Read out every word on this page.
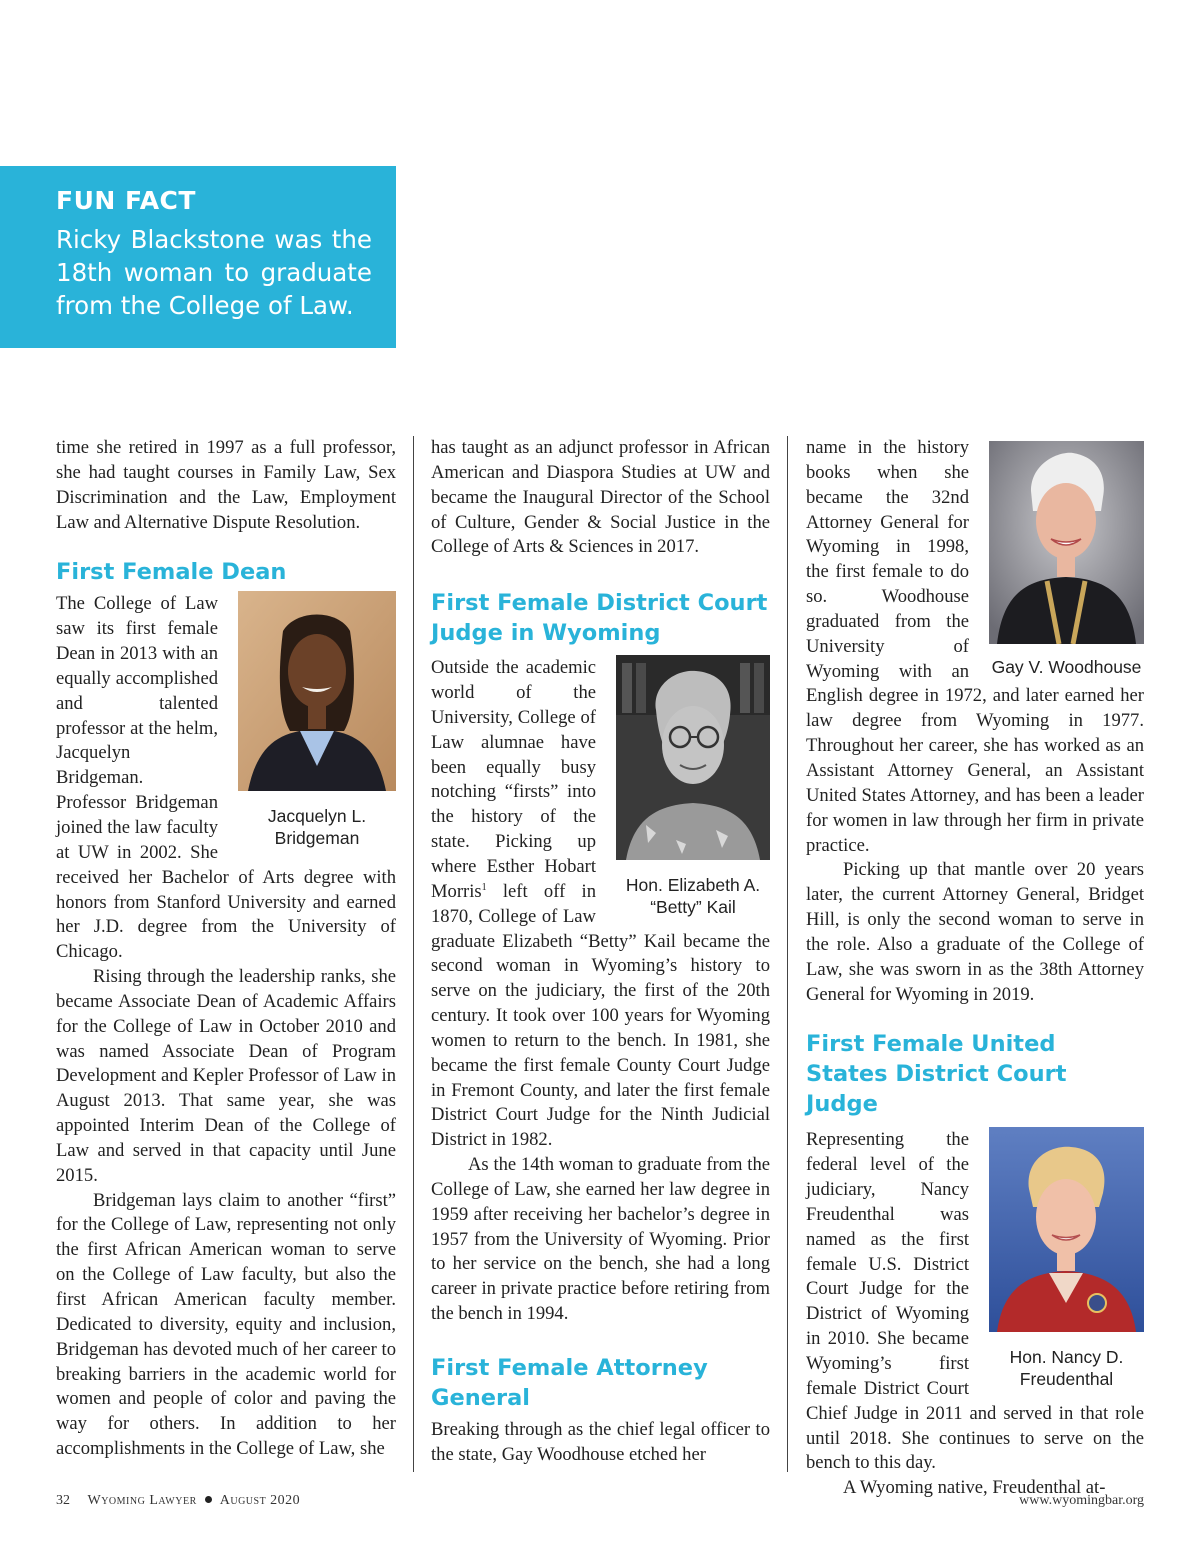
FUN FACT
Ricky Blackstone was the 18th woman to graduate from the College of Law.

time she retired in 1997 as a full professor, she had taught courses in Family Law, Sex Discrimination and the Law, Employment Law and Alternative Dispute Resolution.

First Female Dean
Jacquelyn L. Bridgeman

The College of Law saw its first female Dean in 2013 with an equally accomplished and talented professor at the helm, Jacquelyn Bridgeman. Professor Bridgeman joined the law faculty at UW in 2002. She received her Bachelor of Arts degree with honors from Stanford University and earned her J.D. degree from the University of Chicago.

Rising through the leadership ranks, she became Associate Dean of Academic Affairs for the College of Law in October 2010 and was named Associate Dean of Program Development and Kepler Professor of Law in August 2013. That same year, she was appointed Interim Dean of the College of Law and served in that capacity until June 2015.

Bridgeman lays claim to another “first” for the College of Law, representing not only the first African American woman to serve on the College of Law faculty, but also the first African American faculty member. Dedicated to diversity, equity and inclusion, Bridgeman has devoted much of her career to breaking barriers in the academic world for women and people of color and paving the way for others. In addition to her accomplishments in the College of Law, she

has taught as an adjunct professor in African American and Diaspora Studies at UW and became the Inaugural Director of the School of Culture, Gender & Social Justice in the College of Arts & Sciences in 2017.

First Female District Court Judge in Wyoming
Hon. Elizabeth A. “Betty” Kail

Outside the academic world of the University, College of Law alumnae have been equally busy notching “firsts” into the history of the state. Picking up where Esther Hobart Morris$^1$ left off in 1870, College of Law graduate Elizabeth “Betty” Kail became the second woman in Wyoming’s history to serve on the judiciary, the first of the 20th century. It took over 100 years for Wyoming women to return to the bench. In 1981, she became the first female County Court Judge in Fremont County, and later the first female District Court Judge for the Ninth Judicial District in 1982.

As the 14th woman to graduate from the College of Law, she earned her law degree in 1959 after receiving her bachelor’s degree in 1957 from the University of Wyoming. Prior to her service on the bench, she had a long career in private practice before retiring from the bench in 1994.

First Female Attorney General

Breaking through as the chief legal officer to the state, Gay Woodhouse etched her

Gay V. Woodhouse

name in the history books when she became the 32nd Attorney General for Wyoming in 1998, the first female to do so. Woodhouse graduated from the University of Wyoming with an English degree in 1972, and later earned her law degree from Wyoming in 1977. Throughout her career, she has worked as an Assistant Attorney General, an Assistant United States Attorney, and has been a leader for women in law through her firm in private practice.

Picking up that mantle over 20 years later, the current Attorney General, Bridget Hill, is only the second woman to serve in the role. Also a graduate of the College of Law, she was sworn in as the 38th Attorney General for Wyoming in 2019.

First Female United States District Court Judge
Hon. Nancy D. Freudenthal

Representing the federal level of the judiciary, Nancy Freudenthal was named as the first female U.S. District Court Judge for the District of Wyoming in 2010. She became Wyoming’s first female District Court Chief Judge in 2011 and served in that role until 2018. She continues to serve on the bench to this day.

A Wyoming native, Freudenthal at-

32 Wyoming Lawyer August 2020	www.wyomingbar.org
